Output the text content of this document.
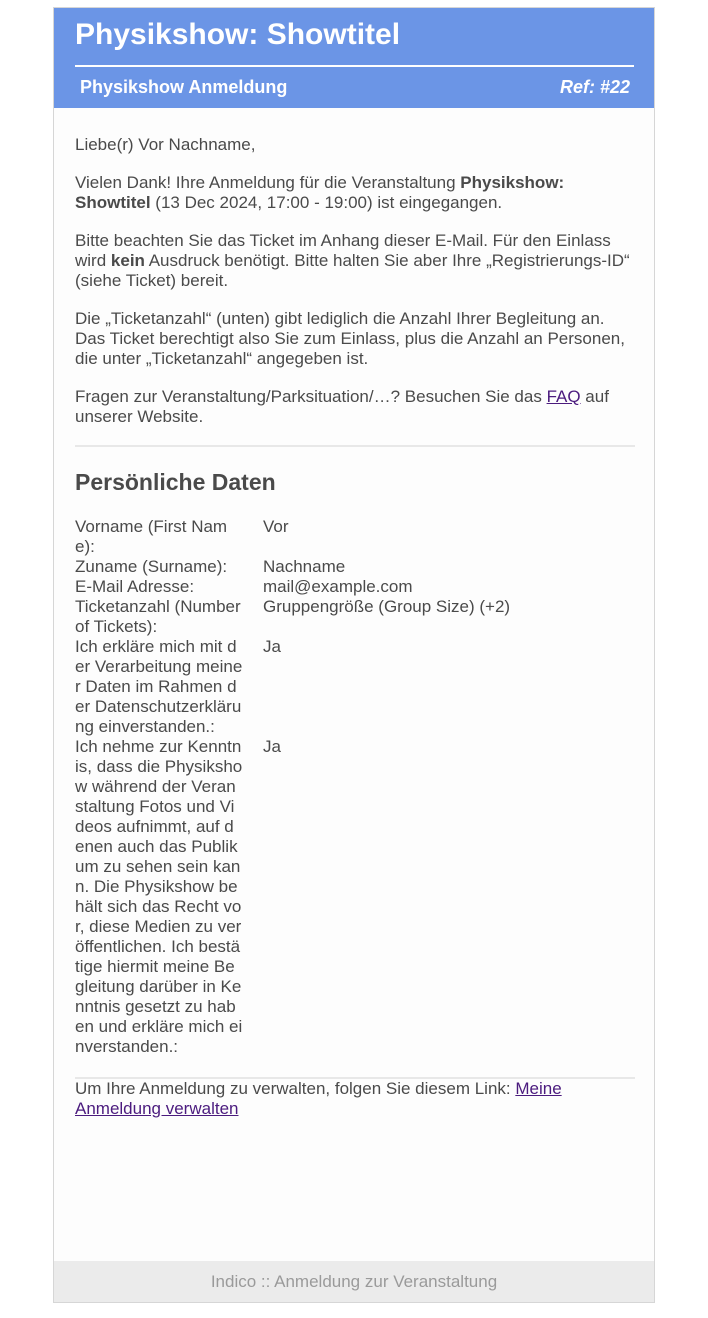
Physikshow: Showtitel
Physikshow Anmeldung	Ref: #22

Liebe(r) Vor Nachname,

Vielen Dank! Ihre Anmeldung für die Veranstaltung Physikshow: Showtitel (13 Dec 2024, 17:00 - 19:00) ist eingegangen.

Bitte beachten Sie das Ticket im Anhang dieser E-Mail. Für den Einlass wird kein Ausdruck benötigt. Bitte halten Sie aber Ihre „Registrierungs-ID“ (siehe Ticket) bereit.

Die „Ticketanzahl“ (unten) gibt lediglich die Anzahl Ihrer Begleitung an. Das Ticket berechtigt also Sie zum Einlass, plus die Anzahl an Personen, die unter „Ticketanzahl“ angegeben ist.

Fragen zur Veranstaltung/Parksituation/…? Besuchen Sie das FAQ auf unserer Website.

Persönliche Daten
Vorname (First Name):	Vor
Zuname (Surname):	Nachname
E-Mail Adresse:	mail@example.com
Ticketanzahl (Number of Tickets):	Gruppengröße (Group Size) (+2)
Ich erkläre mich mit der Verarbeitung meiner Daten im Rahmen der Datenschutzerklärung einverstanden.:	Ja
Ich nehme zur Kenntnis, dass die Physikshow während der Veranstaltung Fotos und Videos aufnimmt, auf denen auch das Publikum zu sehen sein kann. Die Physikshow behält sich das Recht vor, diese Medien zu veröffentlichen. Ich bestätige hiermit meine Begleitung darüber in Kenntnis gesetzt zu haben und erkläre mich einverstanden.:	Ja

Um Ihre Anmeldung zu verwalten, folgen Sie diesem Link: Meine Anmeldung verwalten

Indico :: Anmeldung zur Veranstaltung
